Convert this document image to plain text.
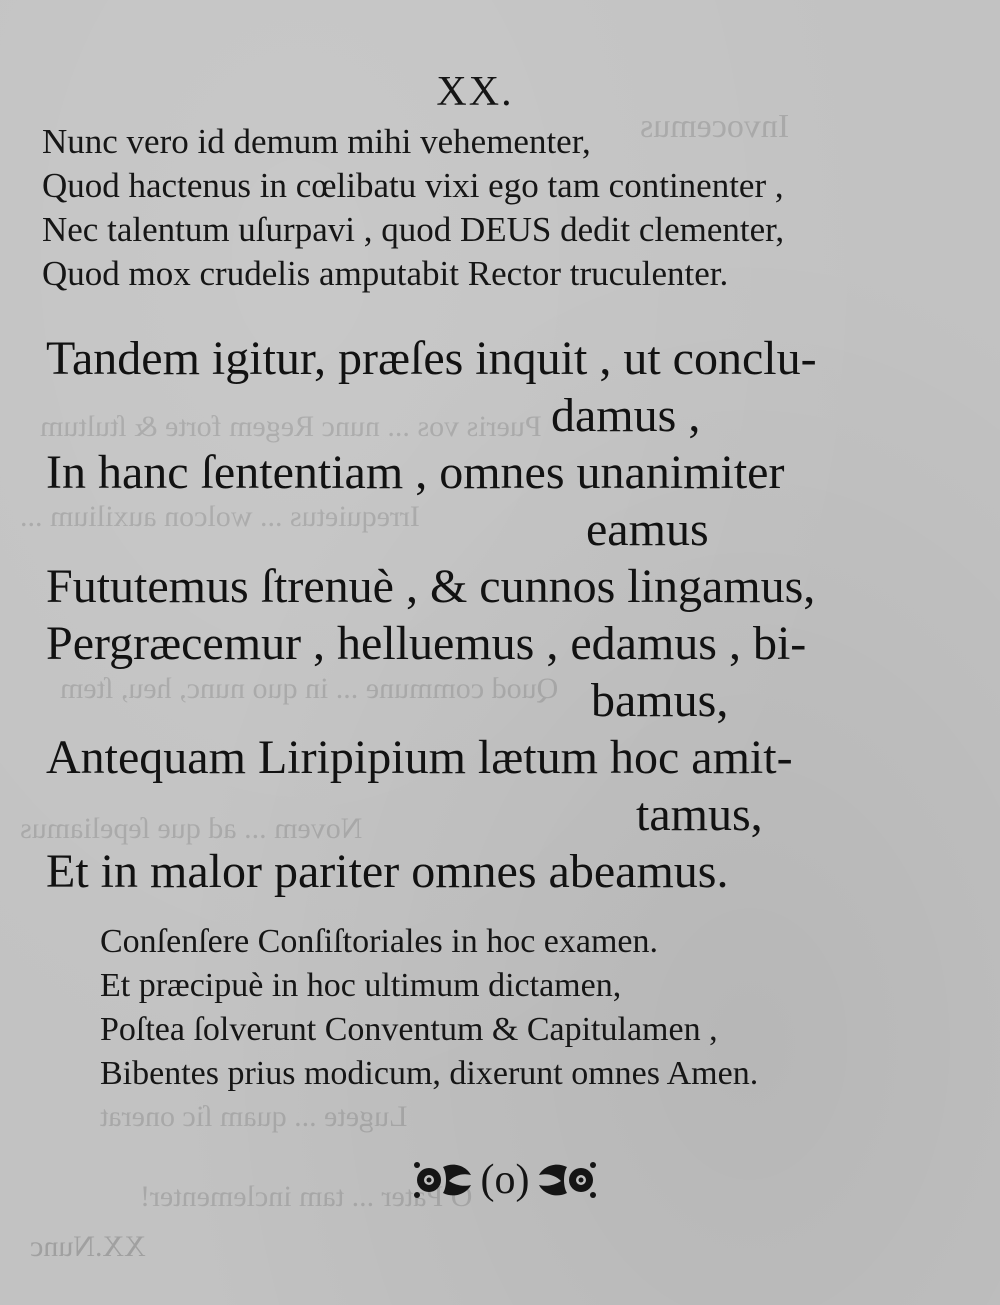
Invocemus
Pueris vos ... nunc Regem forte & ſtultum
Irrequietus ... wolcon auxilium ...
Quod commune ... in quo nunc, heu, ſtem
Novem ... ad que ſepeliamus
Lugete ... quam ſic onerat
O Pater ... tam inclementer!
XX.
Nunc vero id demum mihi vehementer,
Quod hactenus in cœlibatu vixi ego tam continenter ,
Nec talentum uſurpavi , quod DEUS dedit clementer,
Quod mox crudelis amputabit Rector truculenter.
Tandem igitur, præſes inquit , ut conclu-
damus ,
In hanc ſententiam , omnes unanimiter
eamus
Fututemus ſtrenuè , & cunnos lingamus,
Pergræcemur , helluemus , edamus , bi-
bamus,
Antequam Liripipium lætum hoc amit-
tamus,
Et in malor pariter omnes abeamus.
Conſenſere Conſiſtoriales in hoc examen.
Et præcipuè in hoc ultimum dictamen,
Poſtea ſolverunt Conventum & Capitulamen ,
Bibentes prius modicum, dixerunt omnes Amen.
(o)
XX.Nunc
